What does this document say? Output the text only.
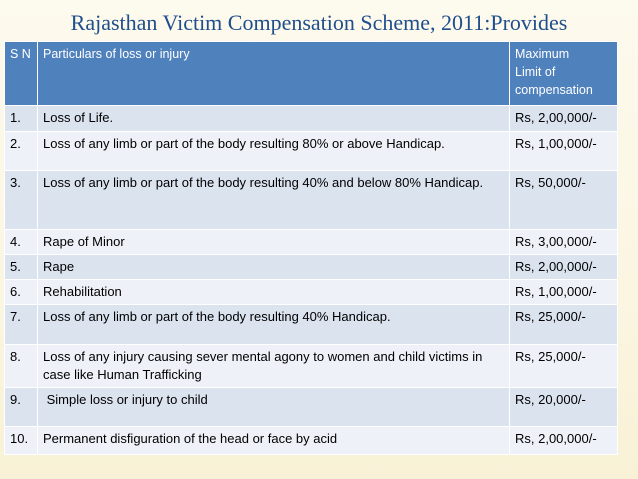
Rajasthan Victim Compensation Scheme, 2011:Provides
S N	Particulars of loss or injury	Maximum
Limit of
compensation

1.	Loss of Life.	Rs, 2,00,000/-
2.	Loss of any limb or part of the body resulting 80% or above Handicap.	Rs, 1,00,000/-
3.	Loss of any limb or part of the body resulting 40% and below 80% Handicap.	Rs, 50,000/-
4.	Rape of Minor	Rs, 3,00,000/-
5.	Rape	Rs, 2,00,000/-
6.	Rehabilitation	Rs, 1,00,000/-
7.	Loss of any limb or part of the body resulting 40% Handicap.	Rs, 25,000/-
8.	Loss of any injury causing sever mental agony to women and child victims in case like Human Trafficking	Rs, 25,000/-
9.	Simple loss or injury to child	Rs, 20,000/-
10.	Permanent disfiguration of the head or face by acid	Rs, 2,00,000/-
